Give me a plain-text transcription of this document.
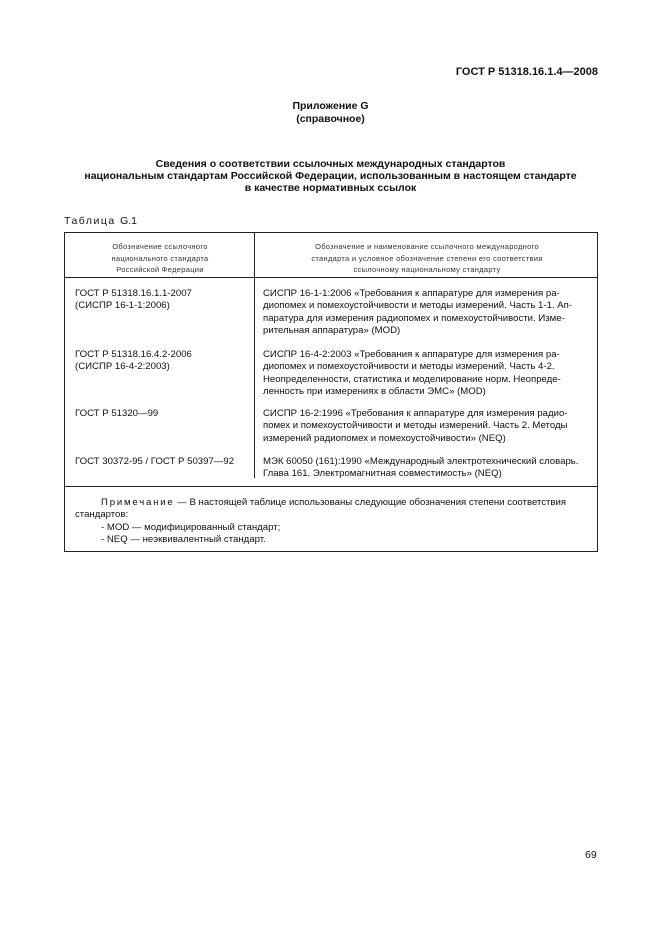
ГОСТ Р 51318.16.1.4—2008
Приложение G
(справочное)
Сведения о соответствии ссылочных международных стандартов
национальным стандартам Российской Федерации, использованным в настоящем стандарте
в качестве нормативных ссылок
Таблица G.1
Обозначение ссылочного
национального стандарта
Российской Федерации
Обозначение и наименование ссылочного международного
стандарта и условное обозначение степени его соответствия
ссылочному национальному стандарту
ГОСТ Р 51318.16.1.1-2007
(СИСПР 16-1-1:2006)
СИСПР 16-1-1:2006 «Требования к аппаратуре для измерения ра-
диопомех и помехоустойчивости и методы измерений. Часть 1-1. Ап-
паратура для измерения радиопомех и помехоустойчивости. Изме-
рительная аппаратура» (MOD)
ГОСТ Р 51318.16.4.2-2006
(СИСПР 16-4-2:2003)
СИСПР 16-4-2:2003 «Требования к аппаратуре для измерения ра-
диопомех и помехоустойчивости и методы измерений. Часть 4-2.
Неопределенности, статистика и моделирование норм. Неопреде-
ленность при измерениях в области ЭМС» (MOD)
ГОСТ Р 51320—99	СИСПР 16-2:1996 «Требования к аппаратуре для измерения радио-
помех и помехоустойчивости и методы измерений. Часть 2. Методы
измерений радиопомех и помехоустойчивости» (NEQ)
ГОСТ 30372-95 / ГОСТ Р 50397—92	МЭК 60050 (161):1990 «Международный электротехнический словарь.
Глава 161. Электромагнитная совместимость» (NEQ)
Примечание — В настоящей таблице использованы следующие обозначения степени соответствия
стандартов:
- MOD — модифицированный стандарт;
- NEQ — неэквивалентный стандарт.
69
